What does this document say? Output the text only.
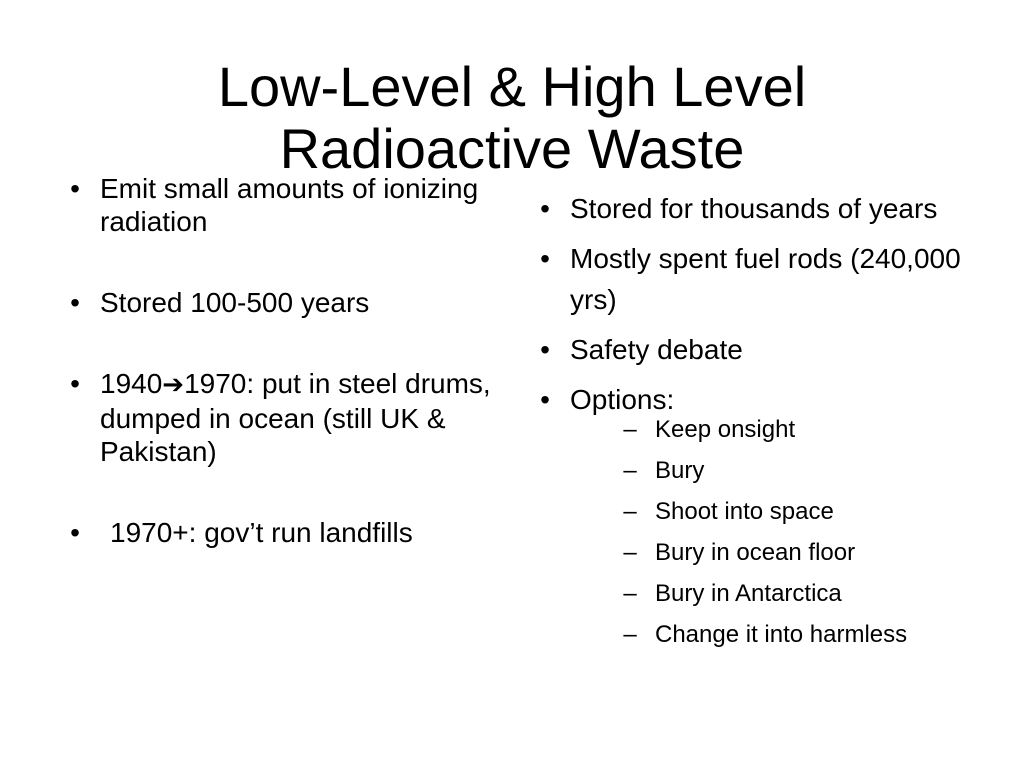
Low-Level & High Level
Radioactive Waste
• Emit small amounts of ionizing radiation
• Stored 100-500 years
• 1940➔1970: put in steel drums, dumped in ocean (still UK & Pakistan)
•	1970+: gov’t run landfills
• Stored for thousands of years
• Mostly spent fuel rods (240,000 yrs)
• Safety debate
• Options:
– Keep onsight
– Bury
– Shoot into space
– Bury in ocean floor
– Bury in Antarctica
– Change it into harmless
